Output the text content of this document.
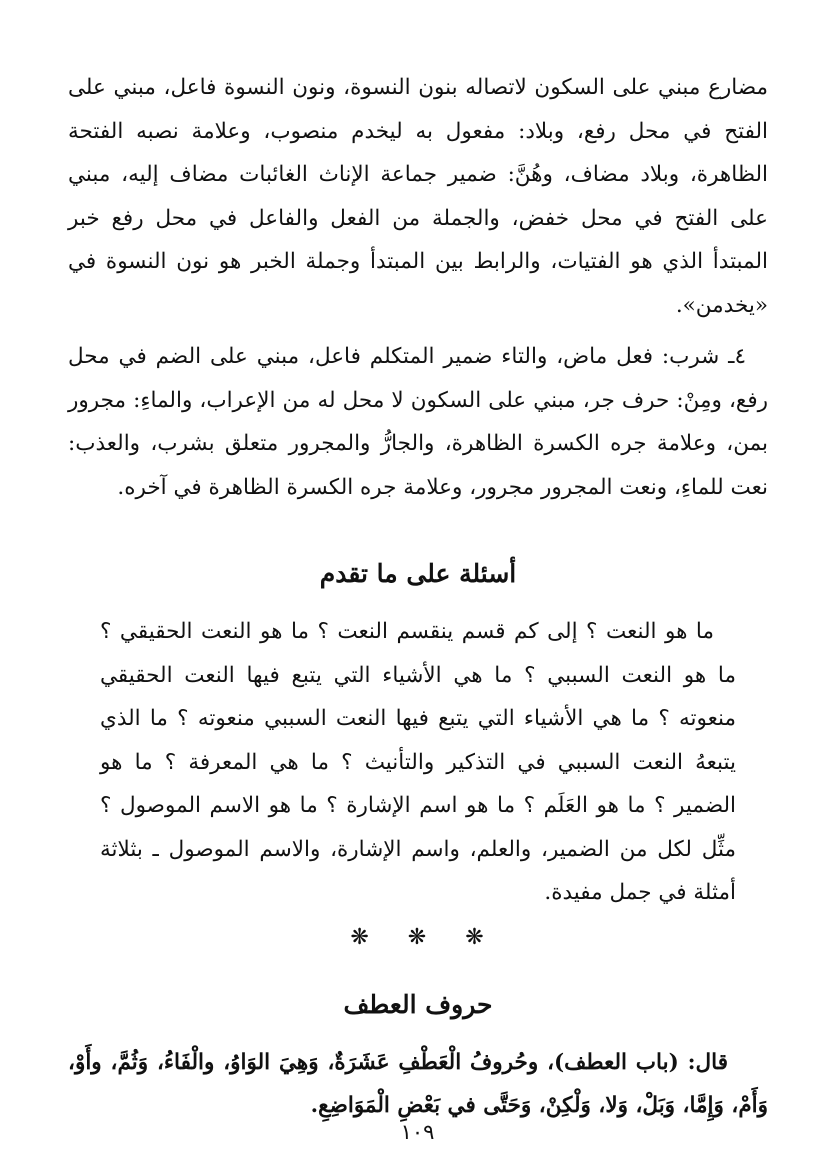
مضارع مبني على السكون لاتصاله بنون النسوة، ونون النسوة فاعل، مبني على الفتح في محل رفع، وبلاد: مفعول به ليخدم منصوب، وعلامة نصبه الفتحة الظاهرة، وبلاد مضاف، وهُنَّ: ضمير جماعة الإناث الغائبات مضاف إليه، مبني على الفتح في محل خفض، والجملة من الفعل والفاعل في محل رفع خبر المبتدأ الذي هو الفتيات، والرابط بين المبتدأ وجملة الخبر هو نون النسوة في «يخدمن».

٤ـ شرب: فعل ماض، والتاء ضمير المتكلم فاعل، مبني على الضم في محل رفع، ومِنْ: حرف جر، مبني على السكون لا محل له من الإعراب، والماءِ: مجرور بمن، وعلامة جره الكسرة الظاهرة، والجارُّ والمجرور متعلق بشرب، والعذب: نعت للماءِ، ونعت المجرور مجرور، وعلامة جره الكسرة الظاهرة في آخره.

أسئلة على ما تقدم

ما هو النعت ؟ إلى كم قسم ينقسم النعت ؟ ما هو النعت الحقيقي ؟ ما هو النعت السببي ؟ ما هي الأشياء التي يتبع فيها النعت الحقيقي منعوته ؟ ما هي الأشياء التي يتبع فيها النعت السببي منعوته ؟ ما الذي يتبعهُ النعت السببي في التذكير والتأنيث ؟ ما هي المعرفة ؟ ما هو الضمير ؟ ما هو العَلَم ؟ ما هو اسم الإشارة ؟ ما هو الاسم الموصول ؟ مثِّل لكل من الضمير، والعلم، واسم الإشارة، والاسم الموصول ـ بثلاثة أمثلة في جمل مفيدة.

❋ ❋ ❋
حروف العطف

قال: (باب العطف)، وحُروفُ الْعَطْفِ عَشَرَةٌ، وَهِيَ الوَاوُ، والْفَاءُ، وَثُمَّ، وأَوْ، وَأَمْ، وَإِمَّا، وَبَلْ، وَلا، وَلْكِنْ، وَحَتَّى في بَعْضِ الْمَوَاضِعِ.

١٠٩
